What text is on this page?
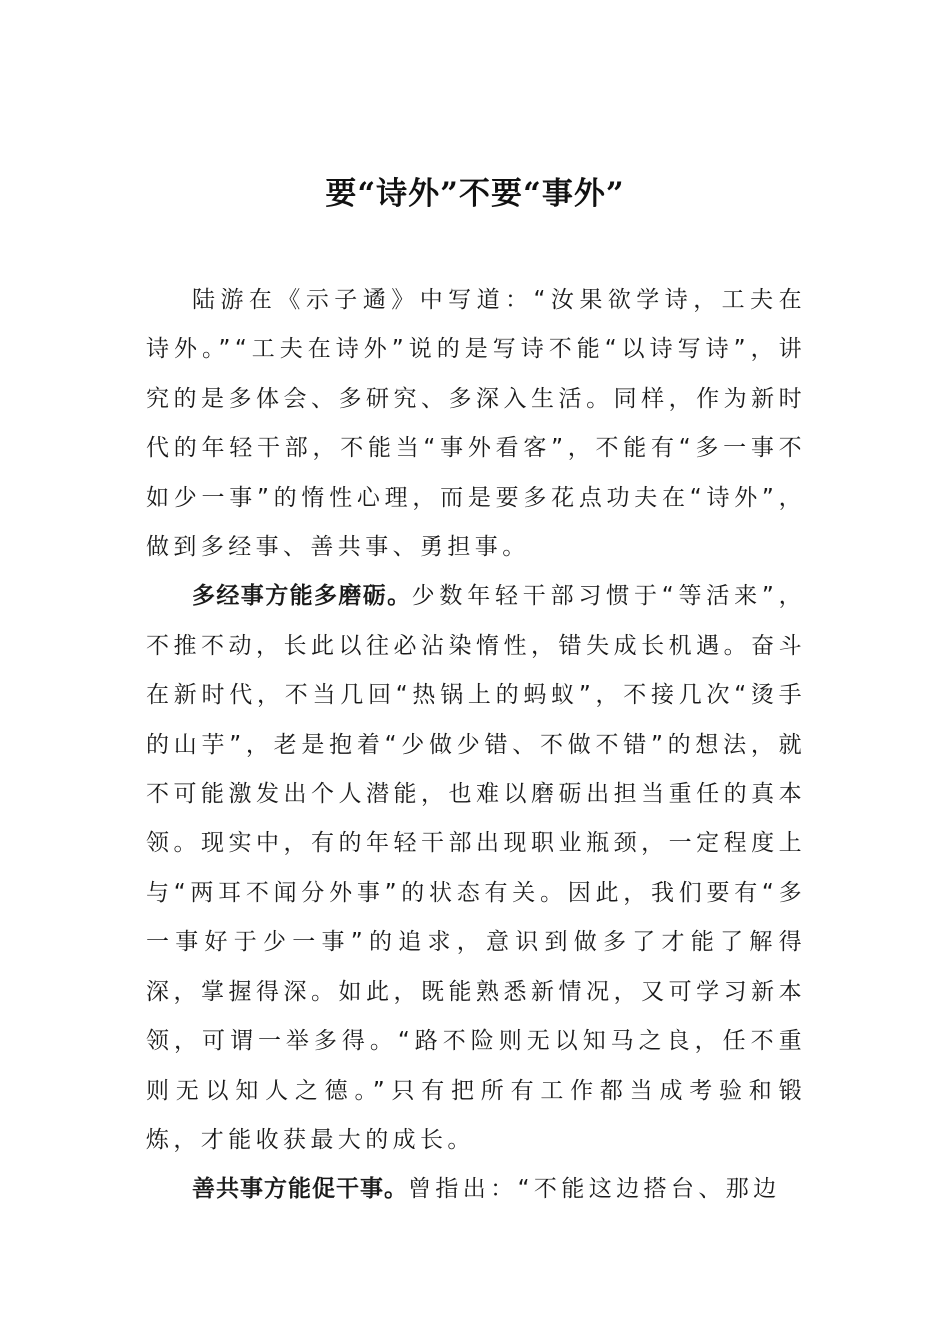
要“诗外”不要“事外”

陆游在《示子遹》中写道：“汝果欲学诗，工夫在诗外。”“工夫在诗外”说的是写诗不能“以诗写诗”，讲究的是多体会、多研究、多深入生活。同样，作为新时代的年轻干部，不能当“事外看客”，不能有“多一事不如少一事”的惰性心理，而是要多花点功夫在“诗外”，做到多经事、善共事、勇担事。

多经事方能多磨砺。少数年轻干部习惯于“等活来”，不推不动，长此以往必沾染惰性，错失成长机遇。奋斗在新时代，不当几回“热锅上的蚂蚁”，不接几次“烫手的山芋”，老是抱着“少做少错、不做不错”的想法，就不可能激发出个人潜能，也难以磨砺出担当重任的真本领。现实中，有的年轻干部出现职业瓶颈，一定程度上与“两耳不闻分外事”的状态有关。因此，我们要有“多一事好于少一事”的追求，意识到做多了才能了解得深，掌握得深。如此，既能熟悉新情况，又可学习新本领，可谓一举多得。“路不险则无以知马之良，任不重则无以知人之德。”只有把所有工作都当成考验和锻炼，才能收获最大的成长。

善共事方能促干事。曾指出：“不能这边搭台、那边
